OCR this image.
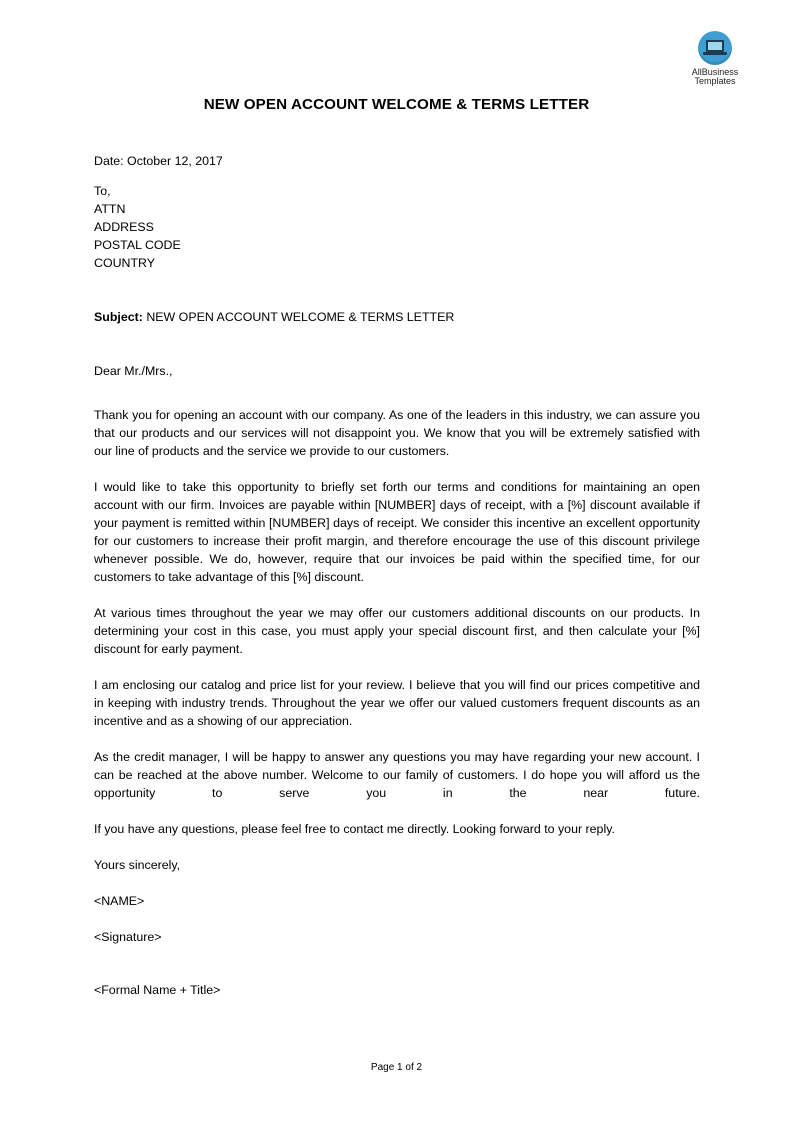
AllBusiness
Templates
NEW OPEN ACCOUNT WELCOME & TERMS LETTER

Date: October 12, 2017

To,

ATTN

ADDRESS

POSTAL CODE

COUNTRY

Subject: NEW OPEN ACCOUNT WELCOME & TERMS LETTER

Dear Mr./Mrs.,

Thank you for opening an account with our company. As one of the leaders in this industry, we can assure you that our products and our services will not disappoint you. We know that you will be extremely satisfied with our line of products and the service we provide to our customers.

I would like to take this opportunity to briefly set forth our terms and conditions for maintaining an open account with our firm. Invoices are payable within [NUMBER] days of receipt, with a [%] discount available if your payment is remitted within [NUMBER] days of receipt. We consider this incentive an excellent opportunity for our customers to increase their profit margin, and therefore encourage the use of this discount privilege whenever possible. We do, however, require that our invoices be paid within the specified time, for our customers to take advantage of this [%] discount.

At various times throughout the year we may offer our customers additional discounts on our products. In determining your cost in this case, you must apply your special discount first, and then calculate your [%] discount for early payment.

I am enclosing our catalog and price list for your review. I believe that you will find our prices competitive and in keeping with industry trends. Throughout the year we offer our valued customers frequent discounts as an incentive and as a showing of our appreciation.

As the credit manager, I will be happy to answer any questions you may have regarding your new account. I can be reached at the above number. Welcome to our family of customers. I do hope you will afford us the opportunity to serve you in the near future.

If you have any questions, please feel free to contact me directly. Looking forward to your reply.

Yours sincerely,

<NAME>

<Signature>

<Formal Name + Title>

Page 1 of 2
